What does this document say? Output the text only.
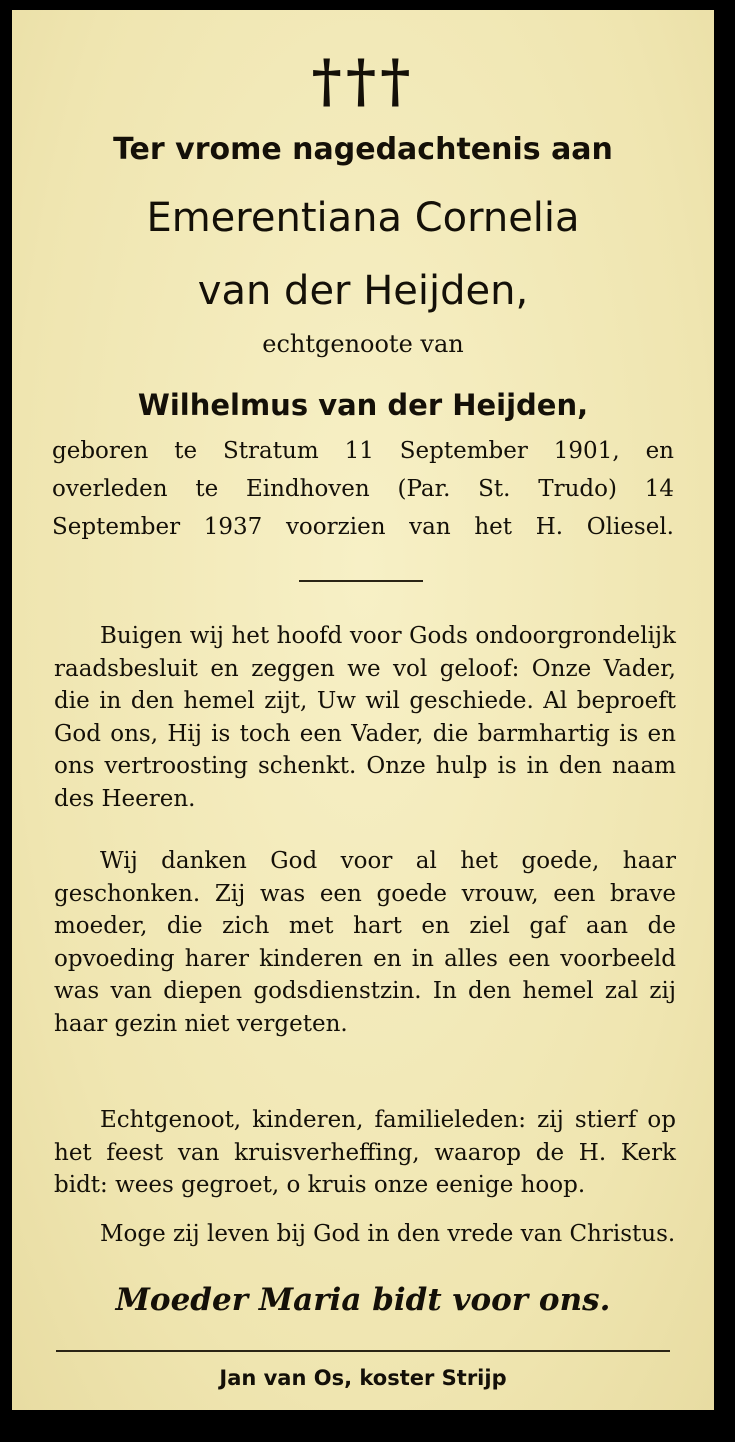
†††
Ter vrome nagedachtenis aan
Emerentiana Cornelia
van der Heijden,
echtgenoote van
Wilhelmus van der Heijden,
geboren te Stratum 11 September 1901, en
overleden te Eindhoven (Par. St. Trudo) 14
September 1937 voorzien van het H. Oliesel.

Buigen wij het hoofd voor Gods ondoorgrondelijk raadsbesluit en zeggen we vol geloof: Onze Vader, die in den hemel zijt, Uw wil geschiede. Al beproeft God ons, Hij is toch een Vader, die barmhartig is en ons vertroosting schenkt. Onze hulp is in den naam des Heeren.

Wij danken God voor al het goede, haar geschonken. Zij was een goede vrouw, een brave moeder, die zich met hart en ziel gaf aan de opvoeding harer kinderen en in alles een voorbeeld was van diepen godsdienstzin. In den hemel zal zij haar gezin niet vergeten.

Echtgenoot, kinderen, familieleden: zij stierf op het feest van kruisverheffing, waarop de H. Kerk bidt: wees gegroet, o kruis onze eenige hoop.

Moge zij leven bij God in den vrede van Christus.

Moeder Maria bidt voor ons.
Jan van Os, koster Strijp
